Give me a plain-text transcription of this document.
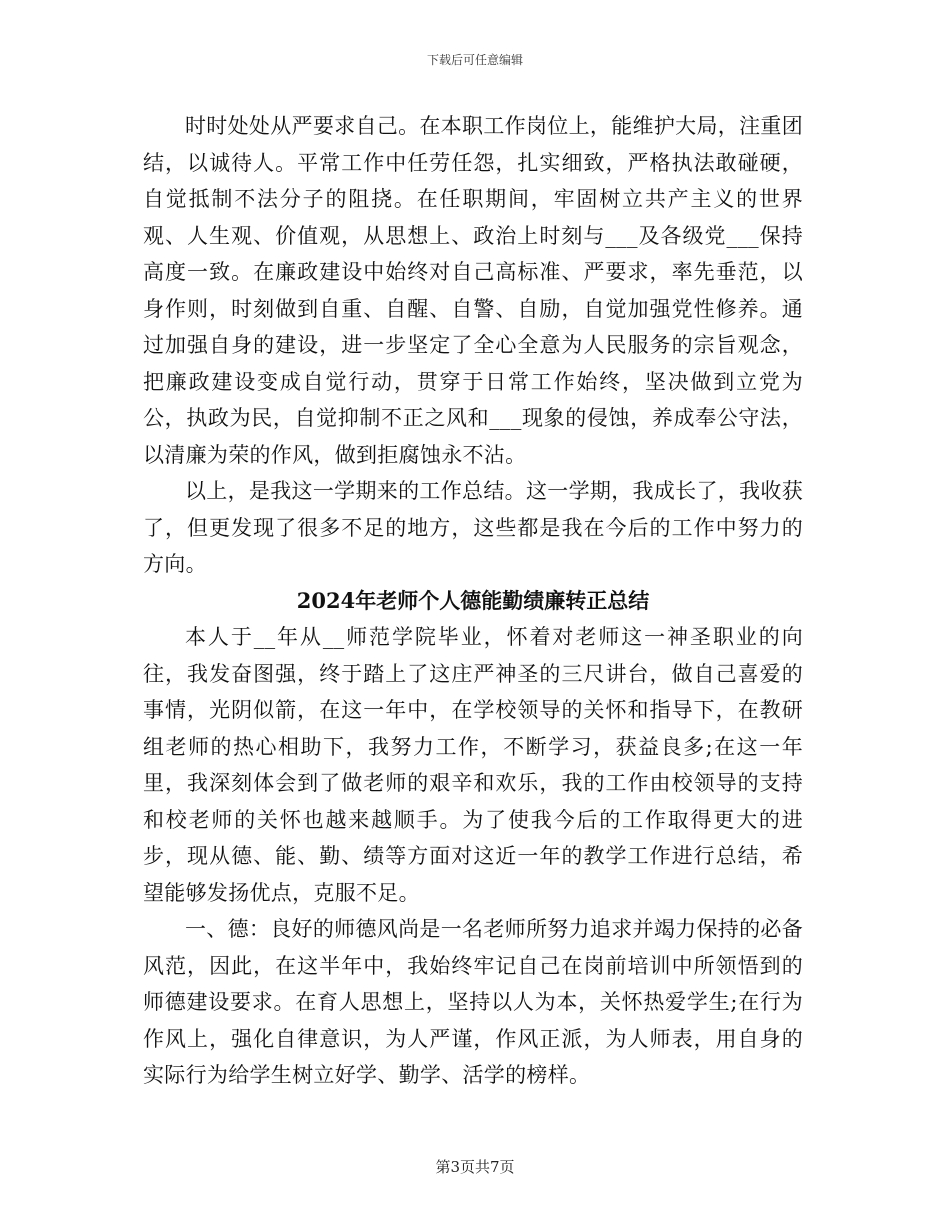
下载后可任意编辑

时时处处从严要求自己。在本职工作岗位上，能维护大局，注重团结，以诚待人。平常工作中任劳任怨，扎实细致，严格执法敢碰硬，自觉抵制不法分子的阻挠。在任职期间，牢固树立共产主义的世界观、人生观、价值观，从思想上、政治上时刻与___及各级党___保持高度一致。在廉政建设中始终对自己高标准、严要求，率先垂范，以身作则，时刻做到自重、自醒、自警、自励，自觉加强党性修养。通过加强自身的建设，进一步坚定了全心全意为人民服务的宗旨观念，把廉政建设变成自觉行动，贯穿于日常工作始终，坚决做到立党为公，执政为民，自觉抑制不正之风和___现象的侵蚀，养成奉公守法，以清廉为荣的作风，做到拒腐蚀永不沾。

以上，是我这一学期来的工作总结。这一学期，我成长了，我收获了，但更发现了很多不足的地方，这些都是我在今后的工作中努力的方向。

2024年老师个人德能勤绩廉转正总结

本人于__年从__师范学院毕业，怀着对老师这一神圣职业的向往，我发奋图强，终于踏上了这庄严神圣的三尺讲台，做自己喜爱的事情，光阴似箭，在这一年中，在学校领导的关怀和指导下，在教研组老师的热心相助下，我努力工作，不断学习，获益良多;在这一年里，我深刻体会到了做老师的艰辛和欢乐，我的工作由校领导的支持和校老师的关怀也越来越顺手。为了使我今后的工作取得更大的进步，现从德、能、勤、绩等方面对这近一年的教学工作进行总结，希望能够发扬优点，克服不足。

一、德：良好的师德风尚是一名老师所努力追求并竭力保持的必备风范，因此，在这半年中，我始终牢记自己在岗前培训中所领悟到的师德建设要求。在育人思想上，坚持以人为本，关怀热爱学生;在行为作风上，强化自律意识，为人严谨，作风正派，为人师表，用自身的实际行为给学生树立好学、勤学、活学的榜样。

第3页共7页
